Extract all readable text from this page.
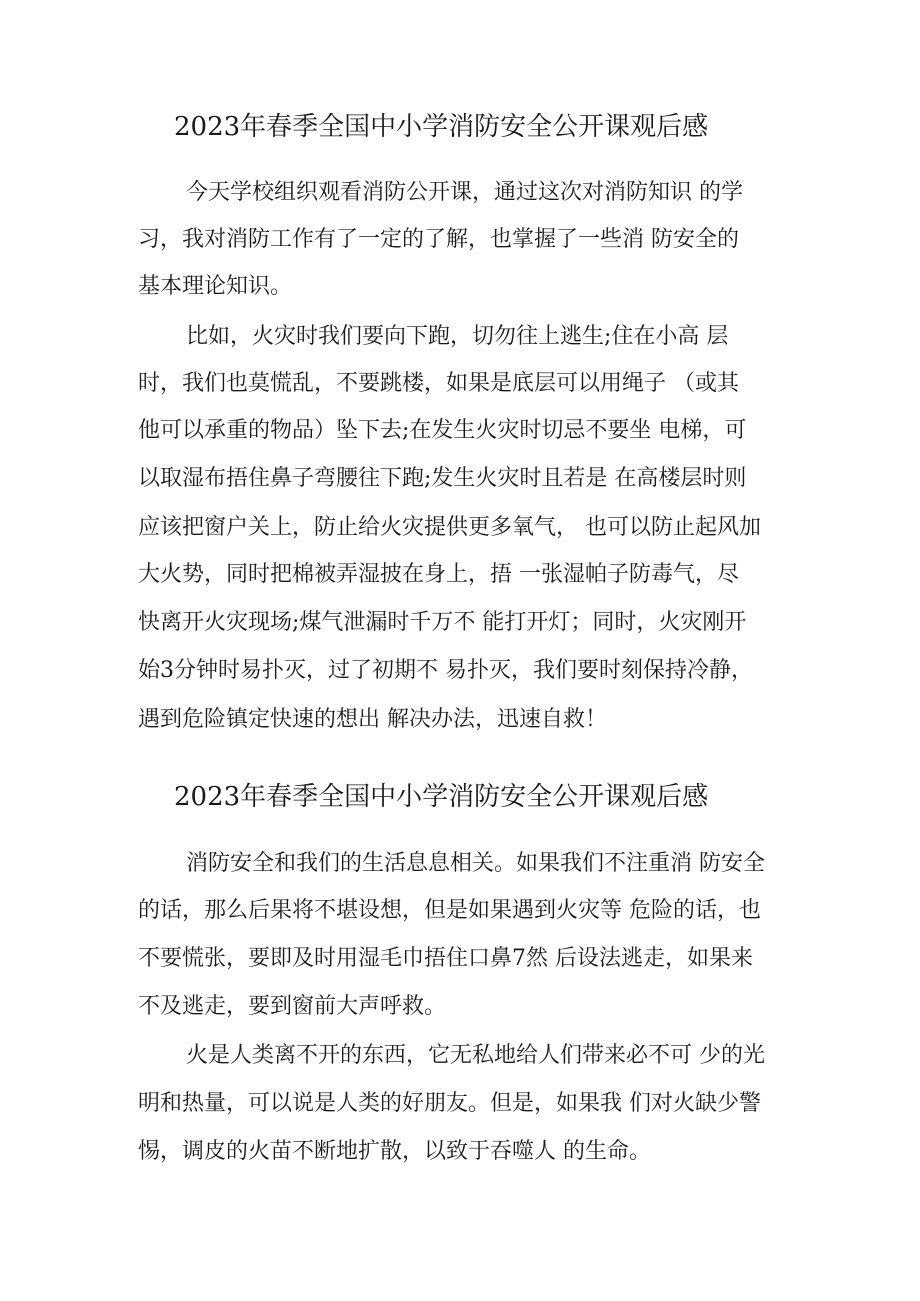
2023年春季全国中小学消防安全公开课观后感

今天学校组织观看消防公开课，通过这次对消防知识 的学

习，我对消防工作有了一定的了解，也掌握了一些消 防安全的

基本理论知识。

比如，火灾时我们要向下跑，切勿往上逃生;住在小高 层

时，我们也莫慌乱，不要跳楼，如果是底层可以用绳子 （或其

他可以承重的物品）坠下去;在发生火灾时切忌不要坐 电梯，可

以取湿布捂住鼻子弯腰往下跑;发生火灾时且若是 在高楼层时则

应该把窗户关上，防止给火灾提供更多氧气， 也可以防止起风加

大火势，同时把棉被弄湿披在身上，捂 一张湿帕子防毒气，尽

快离开火灾现场;煤气泄漏时千万不 能打开灯；同时，火灾刚开

始3分钟时易扑灭，过了初期不 易扑灭，我们要时刻保持冷静，

遇到危险镇定快速的想出 解决办法，迅速自救！

2023年春季全国中小学消防安全公开课观后感

消防安全和我们的生活息息相关。如果我们不注重消 防安全

的话，那么后果将不堪设想，但是如果遇到火灾等 危险的话，也

不要慌张，要即及时用湿毛巾捂住口鼻7然 后设法逃走，如果来

不及逃走，要到窗前大声呼救。

火是人类离不开的东西，它无私地给人们带来必不可 少的光

明和热量，可以说是人类的好朋友。但是，如果我 们对火缺少警

惕，调皮的火苗不断地扩散，以致于吞噬人 的生命。
